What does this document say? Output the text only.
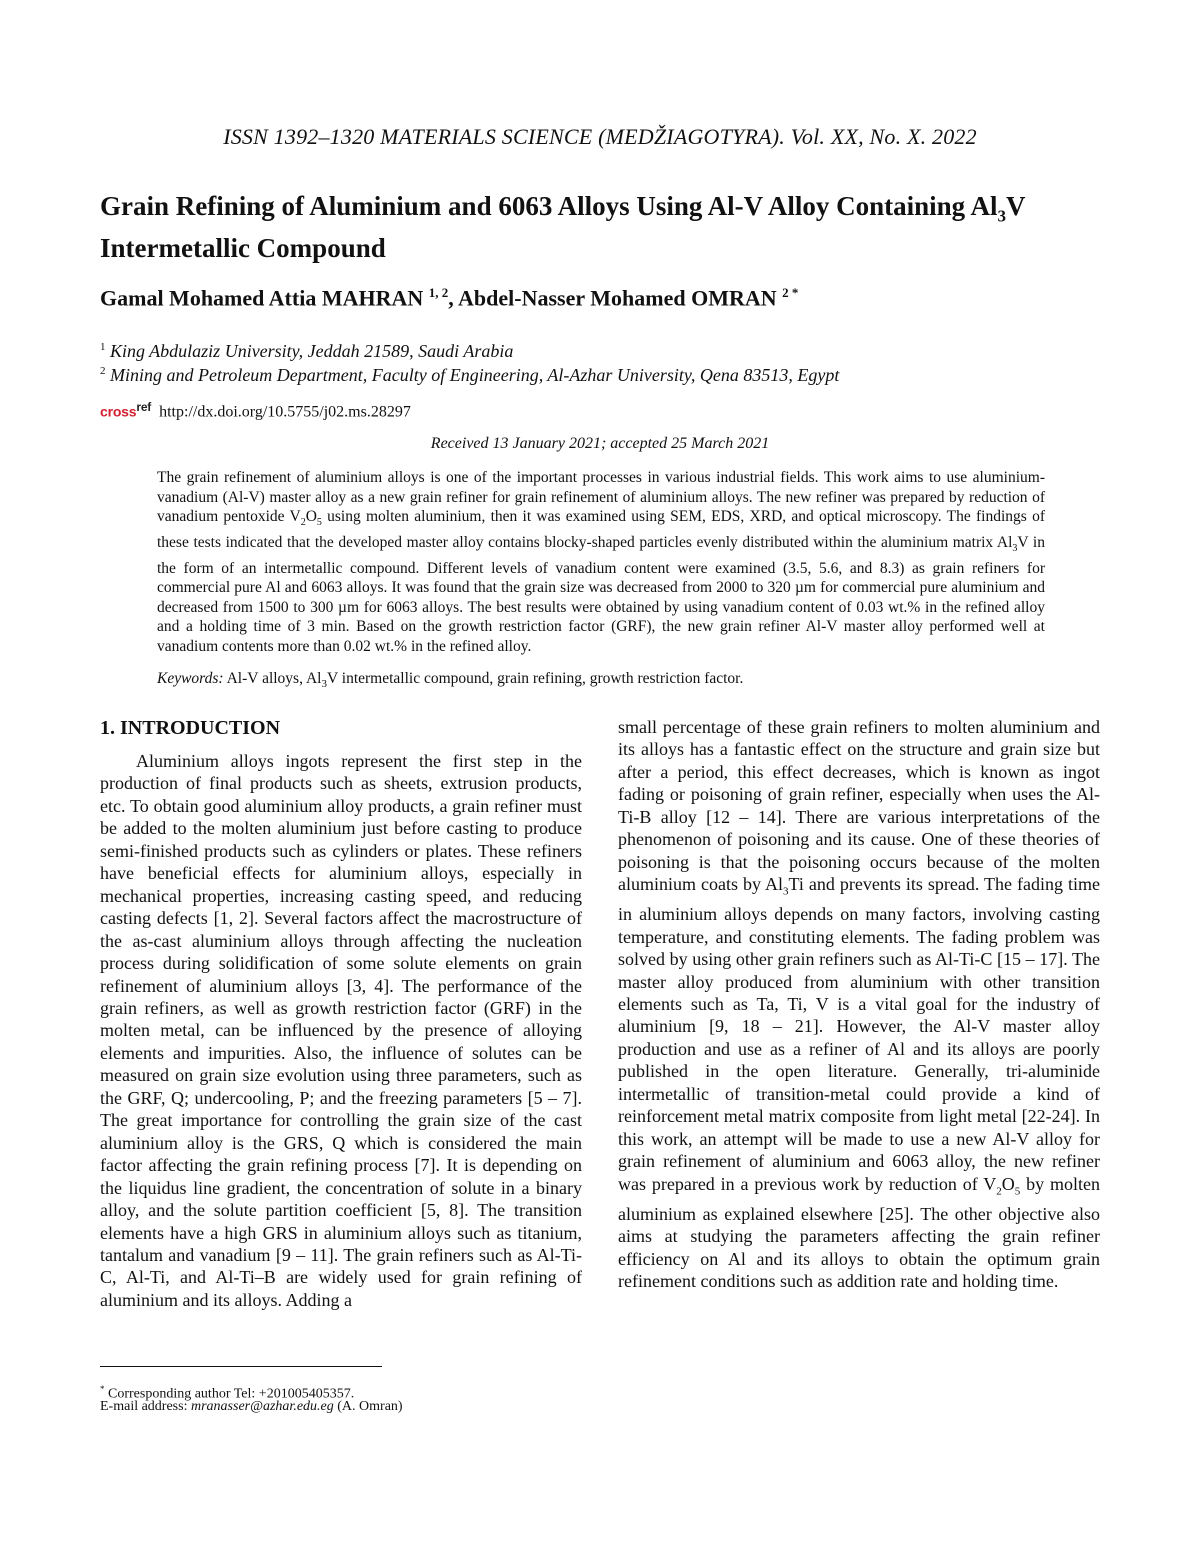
ISSN 1392–1320 MATERIALS SCIENCE (MEDŽIAGOTYRA). Vol. XX, No. X. 2022
Grain Refining of Aluminium and 6063 Alloys Using Al-V Alloy Containing $Al_3V$
Intermetallic Compound
Gamal Mohamed Attia MAHRAN $^{1, 2}$, Abdel-Nasser Mohamed OMRAN $^{2 *}$
$^1$ King Abdulaziz University, Jeddah 21589, Saudi Arabia
$^2$ Mining and Petroleum Department, Faculty of Engineering, Al-Azhar University, Qena 83513, Egypt
crossref http://dx.doi.org/10.5755/j02.ms.28297
Received 13 January 2021; accepted 25 March 2021
The grain refinement of aluminium alloys is one of the important processes in various industrial fields. This work aims to use aluminium-vanadium (Al-V) master alloy as a new grain refiner for grain refinement of aluminium alloys. The new refiner was prepared by reduction of vanadium pentoxide $V_2O_5$ using molten aluminium, then it was examined using SEM, EDS, XRD, and optical microscopy. The findings of these tests indicated that the developed master alloy contains blocky-shaped particles evenly distributed within the aluminium matrix $Al_3V$ in the form of an intermetallic compound. Different levels of vanadium content were examined (3.5, 5.6, and 8.3) as grain refiners for commercial pure Al and 6063 alloys. It was found that the grain size was decreased from 2000 to 320 µm for commercial pure aluminium and decreased from 1500 to 300 µm for 6063 alloys. The best results were obtained by using vanadium content of 0.03 wt.% in the refined alloy and a holding time of 3 min. Based on the growth restriction factor (GRF), the new grain refiner Al-V master alloy performed well at vanadium contents more than 0.02 wt.% in the refined alloy.
Keywords: Al-V alloys, $Al_3V$ intermetallic compound, grain refining, growth restriction factor.
1. INTRODUCTION

Aluminium alloys ingots represent the first step in the production of final products such as sheets, extrusion products, etc. To obtain good aluminium alloy products, a grain refiner must be added to the molten aluminium just before casting to produce semi-finished products such as cylinders or plates. These refiners have beneficial effects for aluminium alloys, especially in mechanical properties, increasing casting speed, and reducing casting defects [1, 2]. Several factors affect the macrostructure of the as-cast aluminium alloys through affecting the nucleation process during solidification of some solute elements on grain refinement of aluminium alloys [3, 4]. The performance of the grain refiners, as well as growth restriction factor (GRF) in the molten metal, can be influenced by the presence of alloying elements and impurities. Also, the influence of solutes can be measured on grain size evolution using three parameters, such as the GRF, Q; undercooling, P; and the freezing parameters [5 – 7]. The great importance for controlling the grain size of the cast aluminium alloy is the GRS, Q which is considered the main factor affecting the grain refining process [7]. It is depending on the liquidus line gradient, the concentration of solute in a binary alloy, and the solute partition coefficient [5, 8]. The transition elements have a high GRS in aluminium alloys such as titanium, tantalum and vanadium [9 – 11]. The grain refiners such as Al-Ti-C, Al-Ti, and Al-Ti–B are widely used for grain refining of aluminium and its alloys. Adding a

small percentage of these grain refiners to molten aluminium and its alloys has a fantastic effect on the structure and grain size but after a period, this effect decreases, which is known as ingot fading or poisoning of grain refiner, especially when uses the Al-Ti-B alloy [12 – 14]. There are various interpretations of the phenomenon of poisoning and its cause. One of these theories of poisoning is that the poisoning occurs because of the molten aluminium coats by $Al_3Ti$ and prevents its spread. The fading time in aluminium alloys depends on many factors, involving casting temperature, and constituting elements. The fading problem was solved by using other grain refiners such as Al-Ti-C [15 – 17]. The master alloy produced from aluminium with other transition elements such as Ta, Ti, V is a vital goal for the industry of aluminium [9, 18 – 21]. However, the Al-V master alloy production and use as a refiner of Al and its alloys are poorly published in the open literature. Generally, tri-aluminide intermetallic of transition-metal could provide a kind of reinforcement metal matrix composite from light metal [22-24]. In this work, an attempt will be made to use a new Al-V alloy for grain refinement of aluminium and 6063 alloy, the new refiner was prepared in a previous work by reduction of $V_2O_5$ by molten aluminium as explained elsewhere [25]. The other objective also aims at studying the parameters affecting the grain refiner efficiency on Al and its alloys to obtain the optimum grain refinement conditions such as addition rate and holding time.

* Corresponding author Tel: +201005405357.
E-mail address: mranasser@azhar.edu.eg (A. Omran)
